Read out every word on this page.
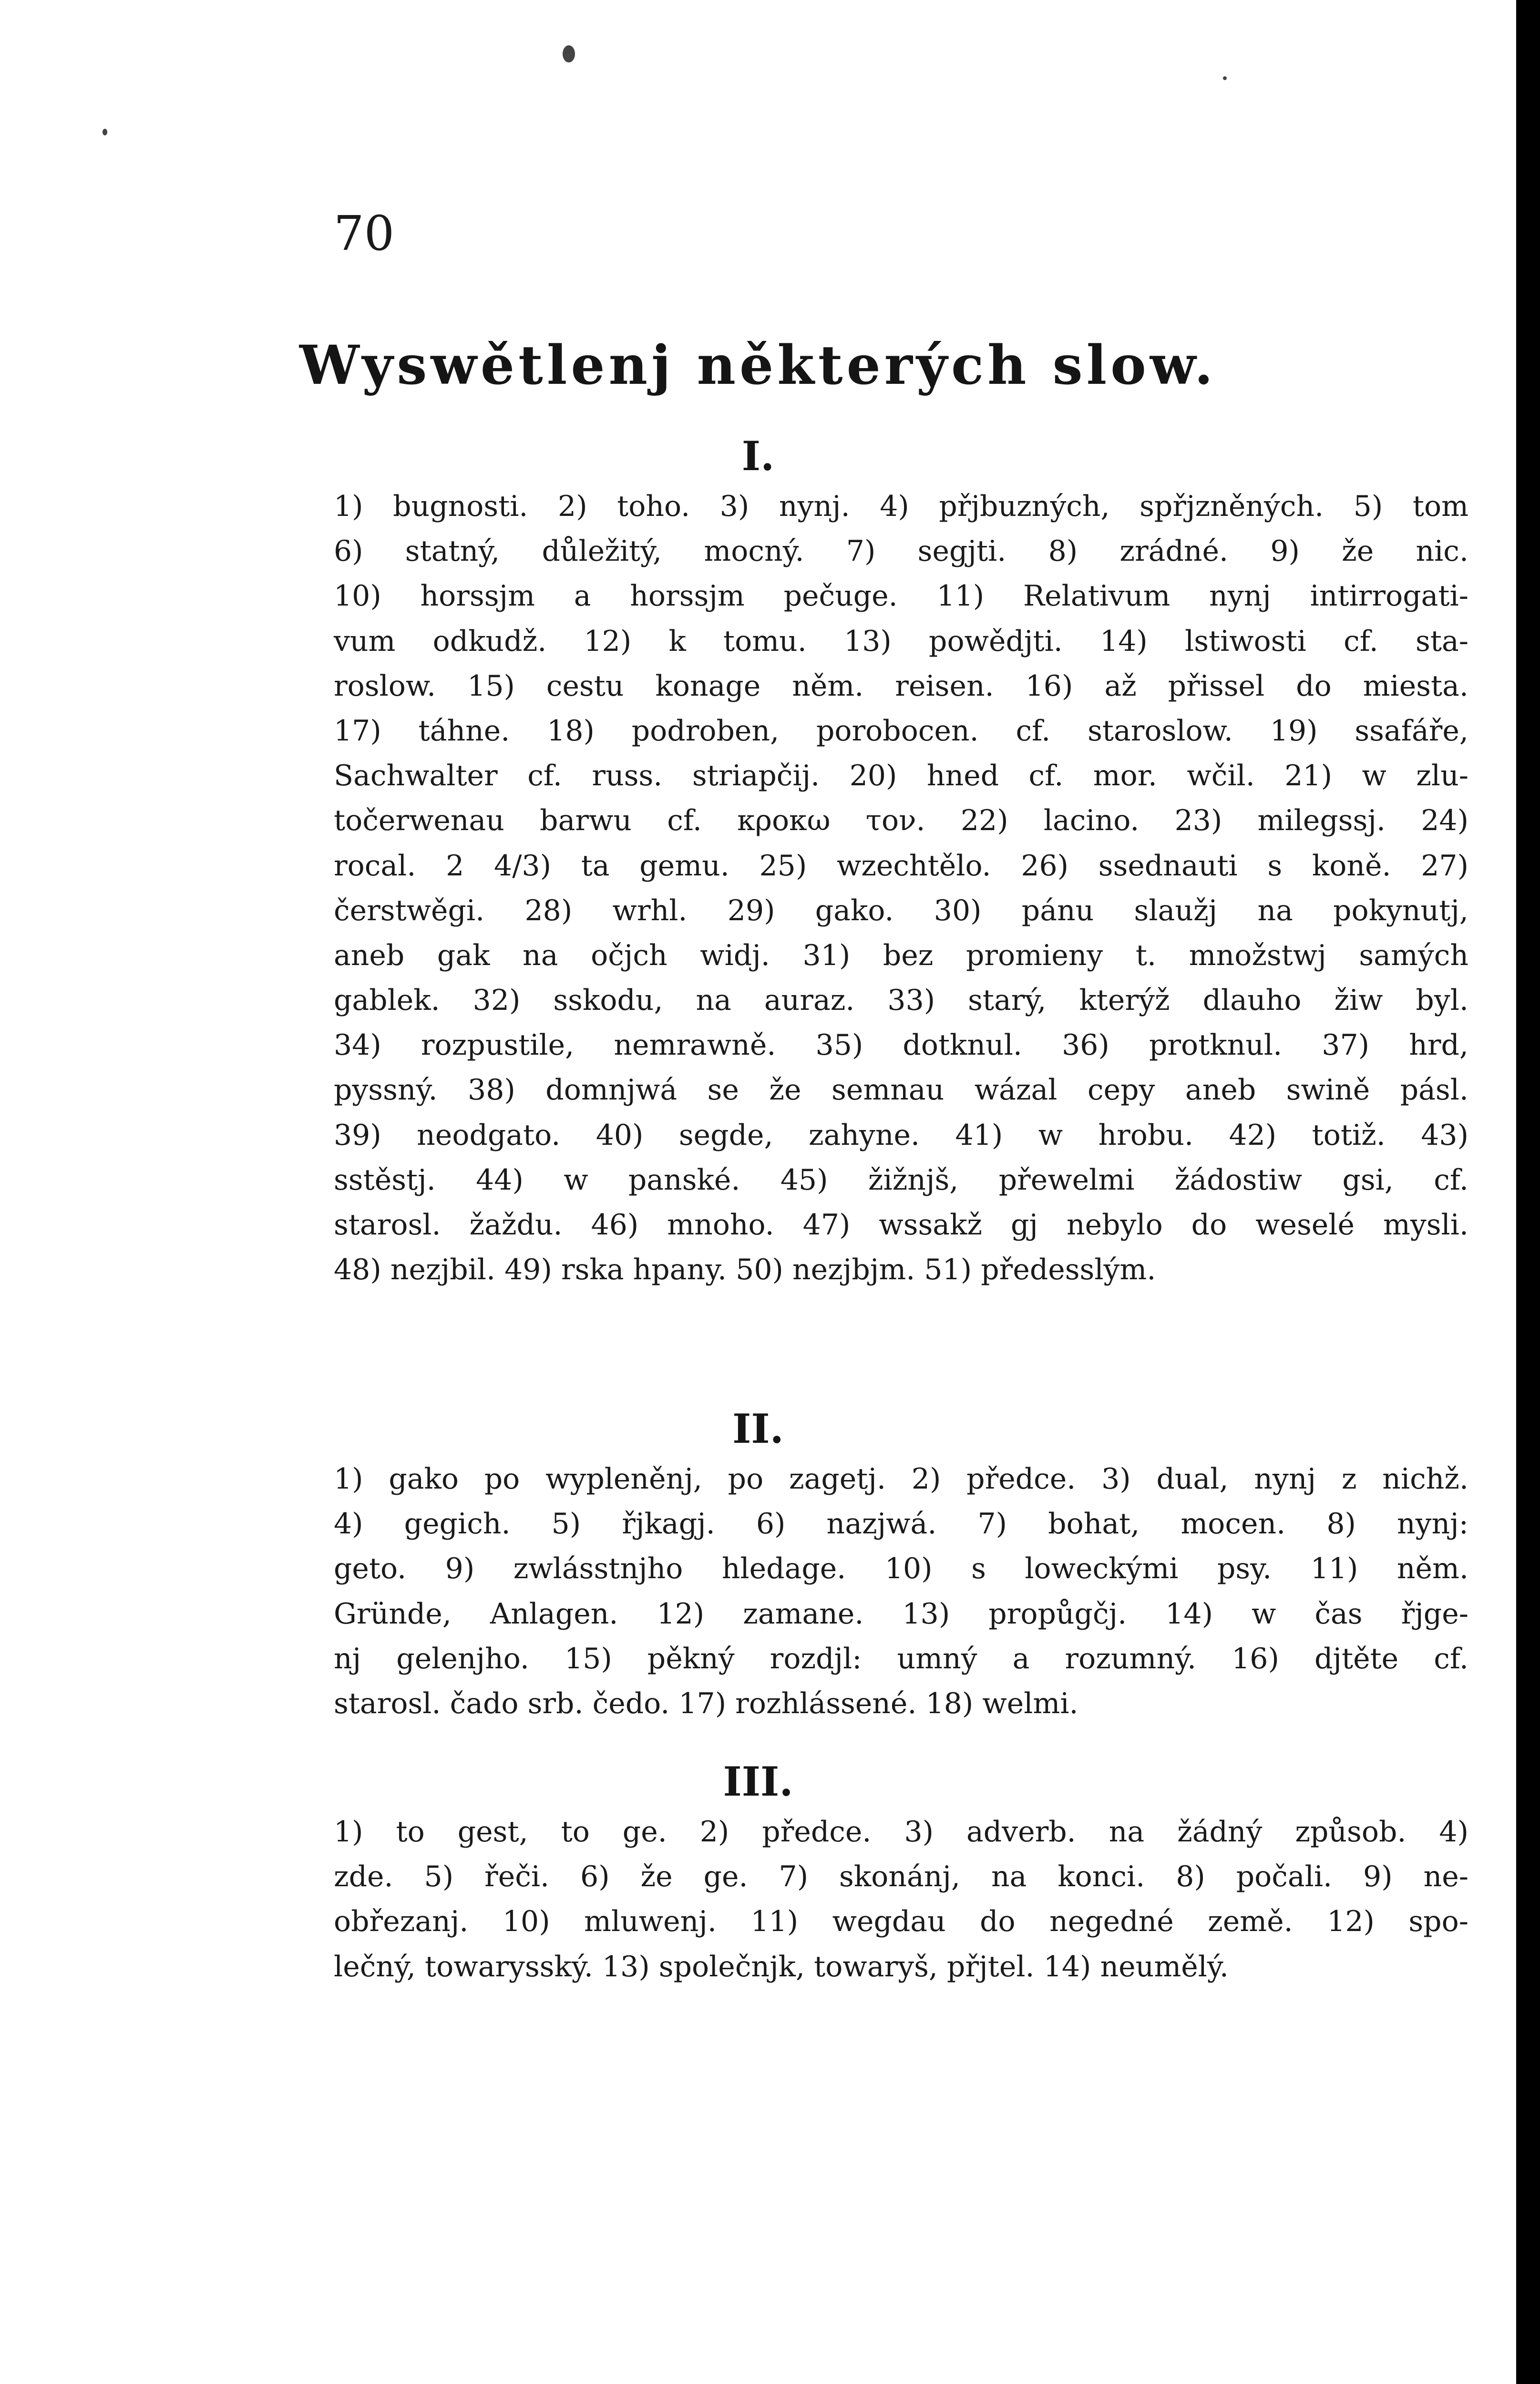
70
Wyswětlenj některých slow.
I.
1) bugnosti. 2) toho. 3) nynj. 4) přjbuzných, spřjzněných. 5) tom
6) statný, důležitý, mocný. 7) segjti. 8) zrádné. 9) že nic.
10) horssjm a horssjm pečuge. 11) Relativum nynj intirrogati-
vum odkudž. 12) k tomu. 13) powědjti. 14) lstiwosti cf. sta-
roslow. 15) cestu konage něm. reisen. 16) až přissel do miesta.
17) táhne. 18) podroben, porobocen. cf. staroslow. 19) ssafáře,
Sachwalter cf. russ. striapčij. 20) hned cf. mor. wčil. 21) w zlu-
točerwenau barwu cf. κροκω τον. 22) lacino. 23) milegssj. 24)
rocal. 2 4/3) ta gemu. 25) wzechtělo. 26) ssednauti s koně. 27)
čerstwěgi. 28) wrhl. 29) gako. 30) pánu slaužj na pokynutj,
aneb gak na očjch widj. 31) bez promieny t. množstwj samých
gablek. 32) sskodu, na auraz. 33) starý, kterýž dlauho žiw byl.
34) rozpustile, nemrawně. 35) dotknul. 36) protknul. 37) hrd,
pyssný. 38) domnjwá se že semnau wázal cepy aneb swině pásl.
39) neodgato. 40) segde, zahyne. 41) w hrobu. 42) totiž. 43)
sstěstj. 44) w panské. 45) žižnjš, přewelmi žádostiw gsi, cf.
starosl. žaždu. 46) mnoho. 47) wssakž gj nebylo do weselé mysli.
48) nezjbil. 49) rska hpany. 50) nezjbjm. 51) předesslým.
II.
1) gako po wypleněnj, po zagetj. 2) předce. 3) dual, nynj z nichž.
4) gegich. 5) řjkagj. 6) nazjwá. 7) bohat, mocen. 8) nynj:
geto. 9) zwlásstnjho hledage. 10) s loweckými psy. 11) něm.
Gründe, Anlagen. 12) zamane. 13) propůgčj. 14) w čas řjge-
nj gelenjho. 15) pěkný rozdjl: umný a rozumný. 16) djtěte cf.
starosl. čado srb. čedo. 17) rozhlássené. 18) welmi.
III.
1) to gest, to ge. 2) předce. 3) adverb. na žádný způsob. 4)
zde. 5) řeči. 6) že ge. 7) skonánj, na konci. 8) počali. 9) ne-
obřezanj. 10) mluwenj. 11) wegdau do negedné země. 12) spo-
lečný, towarysský. 13) společnjk, towaryš, přjtel. 14) neumělý.
